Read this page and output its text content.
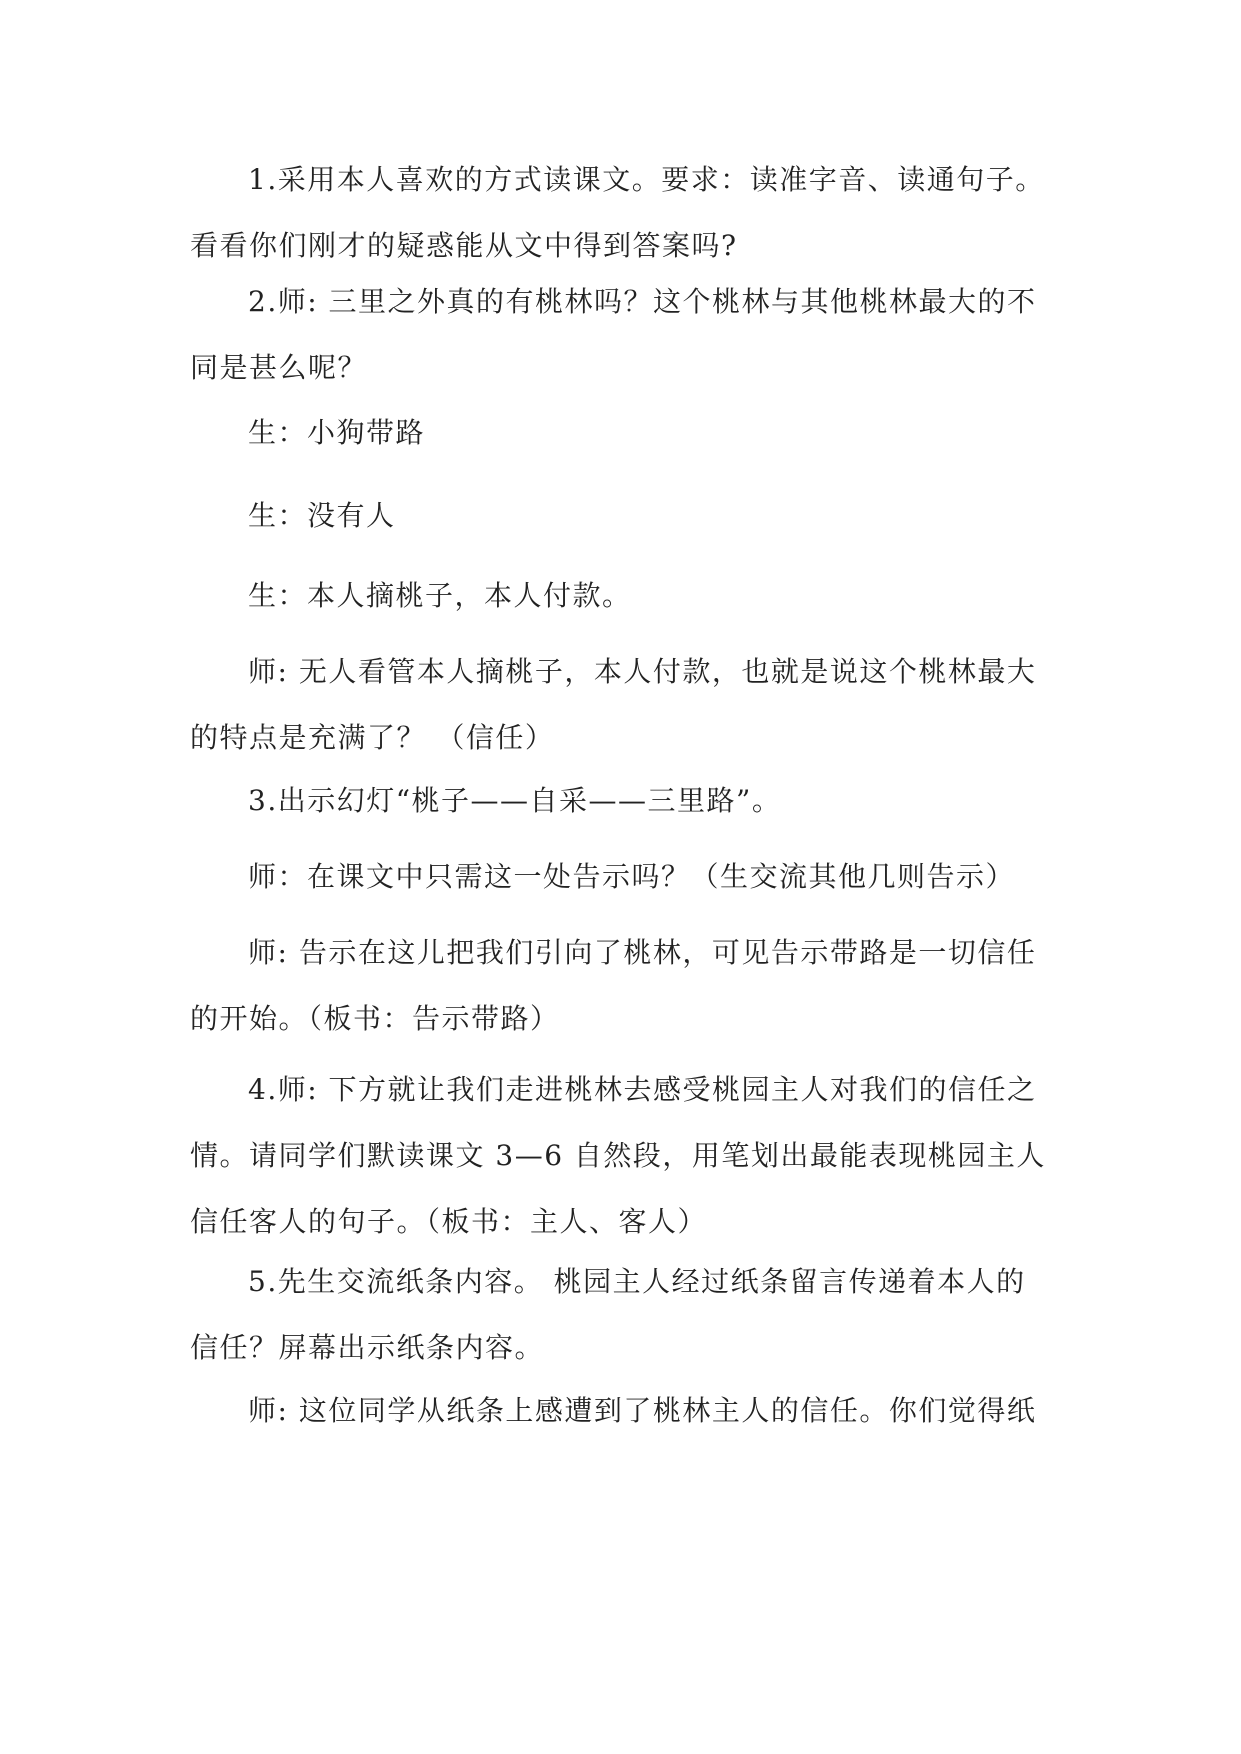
1.采用本人喜欢的方式读课文。要求：读准字音、读通句子。看看你们刚才的疑惑能从文中得到答案吗?

2.师: 三里之外真的有桃林吗？这个桃林与其他桃林最大的不同是甚么呢？

生：小狗带路

生：没有人

生：本人摘桃子，本人付款。

师: 无人看管本人摘桃子，本人付款，也就是说这个桃林最大的特点是充满了？ （信任）

3.出示幻灯“桃子——自采——三里路”。

师：在课文中只需这一处告示吗？（生交流其他几则告示）

师: 告示在这儿把我们引向了桃林，可见告示带路是一切信任的开始。（板书：告示带路）

4.师: 下方就让我们走进桃林去感受桃园主人对我们的信任之情。请同学们默读课文 3—6 自然段，用笔划出最能表现桃园主人信任客人的句子。（板书：主人、客人）

5.先生交流纸条内容。 桃园主人经过纸条留言传递着本人的信任？屏幕出示纸条内容。

师: 这位同学从纸条上感遭到了桃林主人的信任。你们觉得纸
